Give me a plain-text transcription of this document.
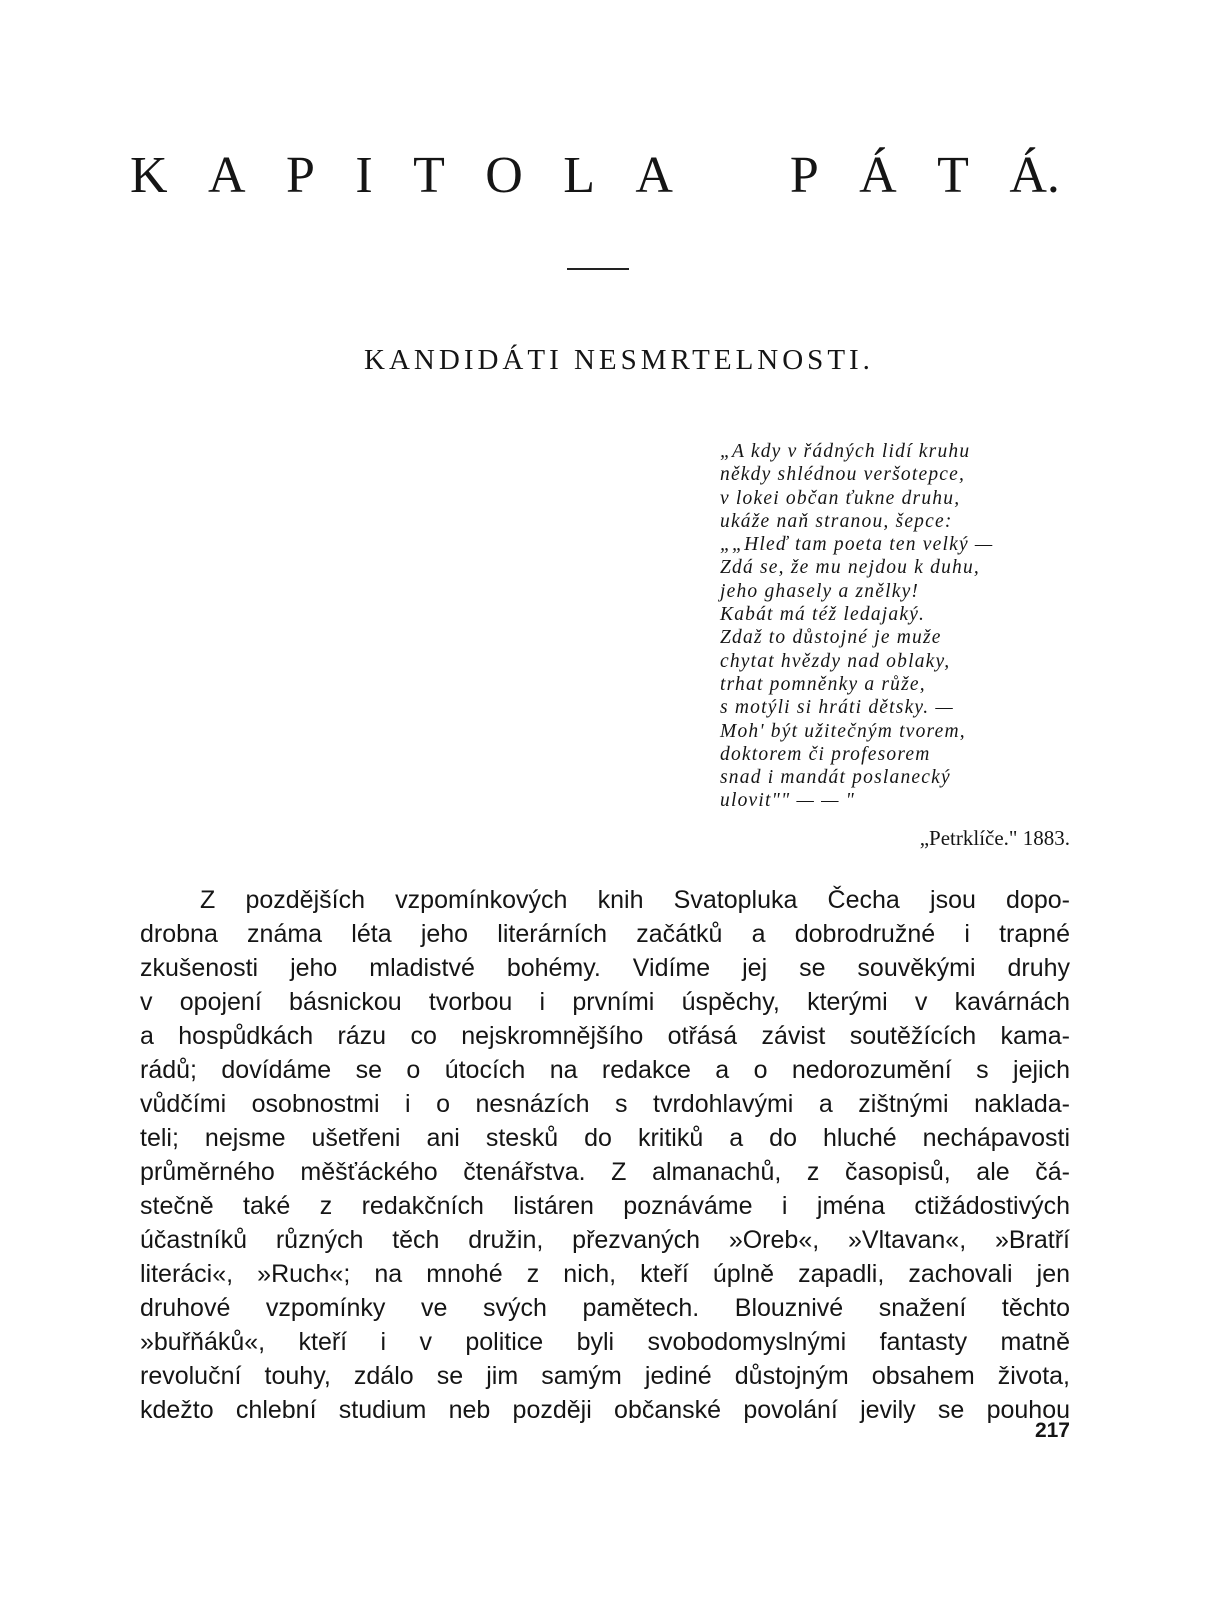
K A P I T O L A P Á T Á.
KANDIDÁTI NESMRTELNOSTI.
„A kdy v řádných lidí kruhu
někdy shlédnou veršotepce,
v lokei občan ťukne druhu,
ukáže naň stranou, šepce:
„„Hleď tam poeta ten velký —
Zdá se, že mu nejdou k duhu,
jeho ghasely a znělky!
Kabát má též ledajaký.
Zdaž to důstojné je muže
chytat hvězdy nad oblaky,
trhat pomněnky a růže,
s motýli si hráti dětsky. —
Moh' být užitečným tvorem,
doktorem či profesorem
snad i mandát poslanecký
ulovit"" — — "

„Petrklíče." 1883.

Z pozdějších vzpomínkových knih Svatopluka Čecha jsou dopo-
drobna známa léta jeho literárních začátků a dobrodružné i trapné
zkušenosti jeho mladistvé bohémy. Vidíme jej se souvěkými druhy
v opojení básnickou tvorbou i prvními úspěchy, kterými v kavárnách
a hospůdkách rázu co nejskromnějšího otřásá závist soutěžících kama-
rádů; dovídáme se o útocích na redakce a o nedorozumění s jejich
vůdčími osobnostmi i o nesnázích s tvrdohlavými a zištnými naklada-
teli; nejsme ušetřeni ani stesků do kritiků a do hluché nechápavosti
průměrného měšťáckého čtenářstva. Z almanachů, z časopisů, ale čá-
stečně také z redakčních listáren poznáváme i jména ctižádostivých
účastníků různých těch družin, přezvaných »Oreb«, »Vltavan«, »Bratří
literáci«, »Ruch«; na mnohé z nich, kteří úplně zapadli, zachovali jen
druhové vzpomínky ve svých pamětech. Blouznivé snažení těchto
»buřňáků«, kteří i v politice byli svobodomyslnými fantasty matně
revoluční touhy, zdálo se jim samým jediné důstojným obsahem života,
kdežto chlební studium neb později občanské povolání jevily se pouhou

217
